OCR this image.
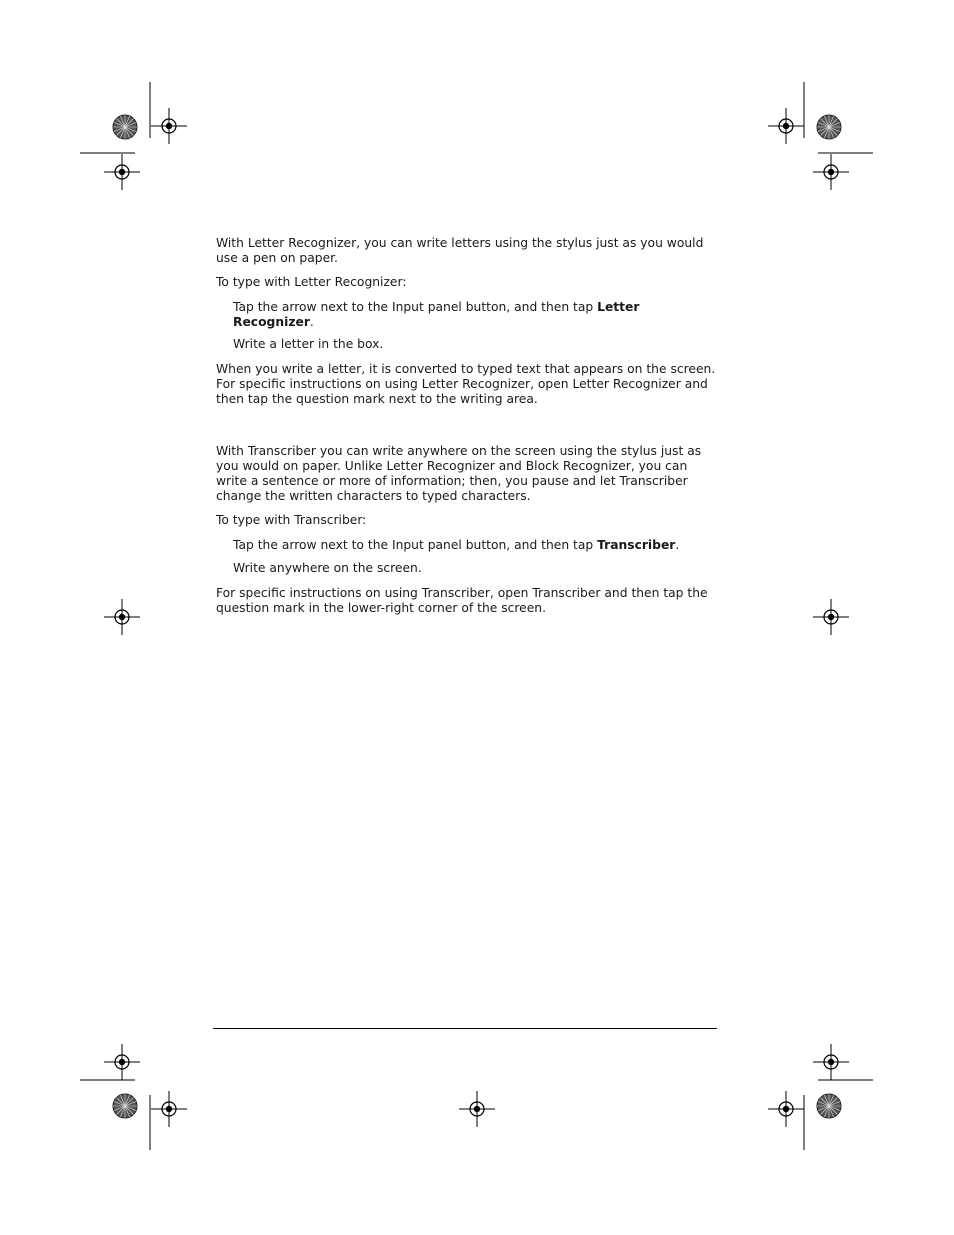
With Letter Recognizer, you can write letters using the stylus just as you would use a pen on paper.

To type with Letter Recognizer:

Tap the arrow next to the Input panel button, and then tap Letter Recognizer.

Write a letter in the box.

When you write a letter, it is converted to typed text that appears on the screen. For specific instructions on using Letter Recognizer, open Letter Recognizer and then tap the question mark next to the writing area.

With Transcriber you can write anywhere on the screen using the stylus just as you would on paper. Unlike Letter Recognizer and Block Recognizer, you can write a sentence or more of information; then, you pause and let Transcriber change the written characters to typed characters.

To type with Transcriber:

Tap the arrow next to the Input panel button, and then tap Transcriber.

Write anywhere on the screen.

For specific instructions on using Transcriber, open Transcriber and then tap the question mark in the lower-right corner of the screen.
